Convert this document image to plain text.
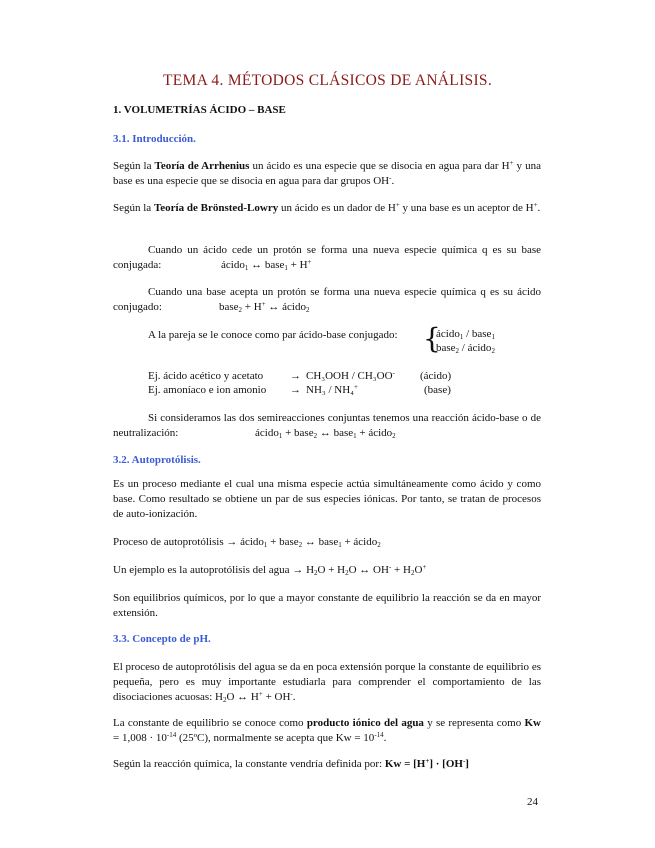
TEMA 4. MÉTODOS CLÁSICOS DE ANÁLISIS.
1. VOLUMETRÍAS ÁCIDO – BASE
3.1. Introducción.
Según la Teoría de Arrhenius un ácido es una especie que se disocia en agua para dar H+ y una base es una especie que se disocia en agua para dar grupos OH-.
Según la Teoría de Brönsted-Lowry un ácido es un dador de H+ y una base es un aceptor de H+.
Cuando un ácido cede un protón se forma una nueva especie química q es su base conjugada:	ácido$_1$ ↔ base$_1$ + H+
Cuando una base acepta un protón se forma una nueva especie química q es su ácido conjugado:	base$_2$ + H+ ↔ ácido$_2$
A la pareja se le conoce como par ácido-base conjugado: {
ácido$_1$ / base$_1$
base$_2$ / ácido$_2$
Ej. ácido acético y acetato → CH₃OOH / CH₃OO- (ácido)
Ej. amoníaco e ion amonio → NH₃ / NH₄+	(base)
Si consideramos las dos semireacciones conjuntas tenemos una reacción ácido-base o de neutralización:	ácido$_1$ + base$_2$ ↔ base$_1$ + ácido$_2$
3.2. Autoprotólisis.
Es un proceso mediante el cual una misma especie actúa simultáneamente como ácido y como base. Como resultado se obtiene un par de sus especies iónicas. Por tanto, se tratan de procesos de auto-ionización.
Proceso de autoprotólisis → ácido$_1$ + base$_2$ ↔ base$_1$ + ácido$_2$
Un ejemplo es la autoprotólisis del agua → $H_2O + H_2O$ ↔ $OH^- + H_2O^+$
Son equilibrios químicos, por lo que a mayor constante de equilibrio la reacción se da en mayor extensión.
3.3. Concepto de pH.
El proceso de autoprotólisis del agua se da en poca extensión porque la constante de equilibrio es pequeña, pero es muy importante estudiarla para comprender el comportamiento de las disociaciones acuosas: $H_2O$ ↔ H+ + OH-.
La constante de equilibrio se conoce como producto iónico del agua y se representa como $Kw = 1,008 \cdot 10^{-14}$ (25ºC), normalmente se acepta que $Kw = 10^{-14}$.
Según la reacción química, la constante vendría definida por: Kw = [H+] · [OH-]
24
